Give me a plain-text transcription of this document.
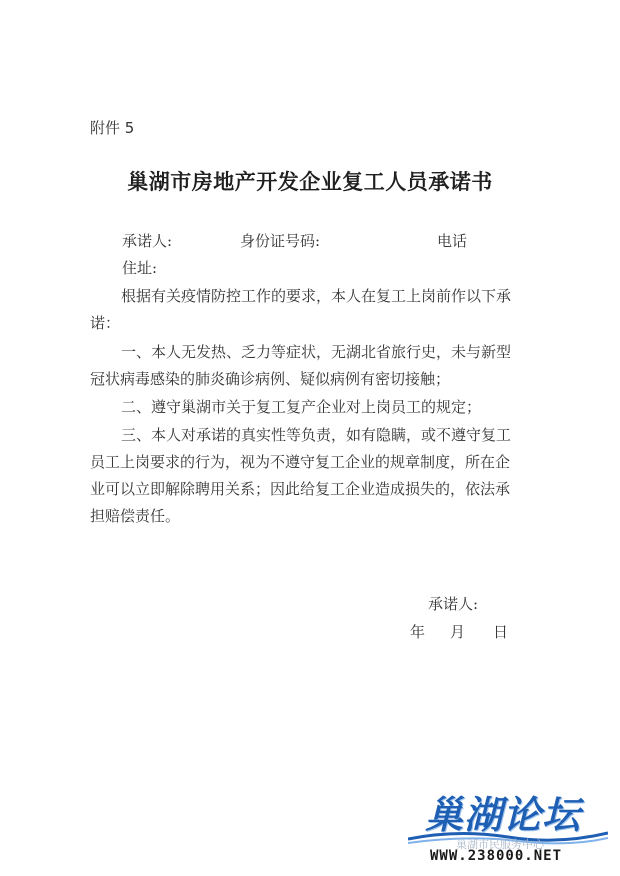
附件 5
巢湖市房地产开发企业复工人员承诺书
承诺人:	身份证号码:	电话
住址:
根据有关疫情防控工作的要求，本人在复工上岗前作以下承
诺：
一、本人无发热、乏力等症状，无湖北省旅行史，未与新型
冠状病毒感染的肺炎确诊病例、疑似病例有密切接触；
二、遵守巢湖市关于复工复产企业对上岗员工的规定；
三、本人对承诺的真实性等负责，如有隐瞒，或不遵守复工
员工上岗要求的行为，视为不遵守复工企业的规章制度，所在企
业可以立即解除聘用关系；因此给复工企业造成损失的，依法承
担赔偿责任。
承诺人:
年 月 日
巢湖论坛
巢湖市民服务中心
WWW.238000.NET
